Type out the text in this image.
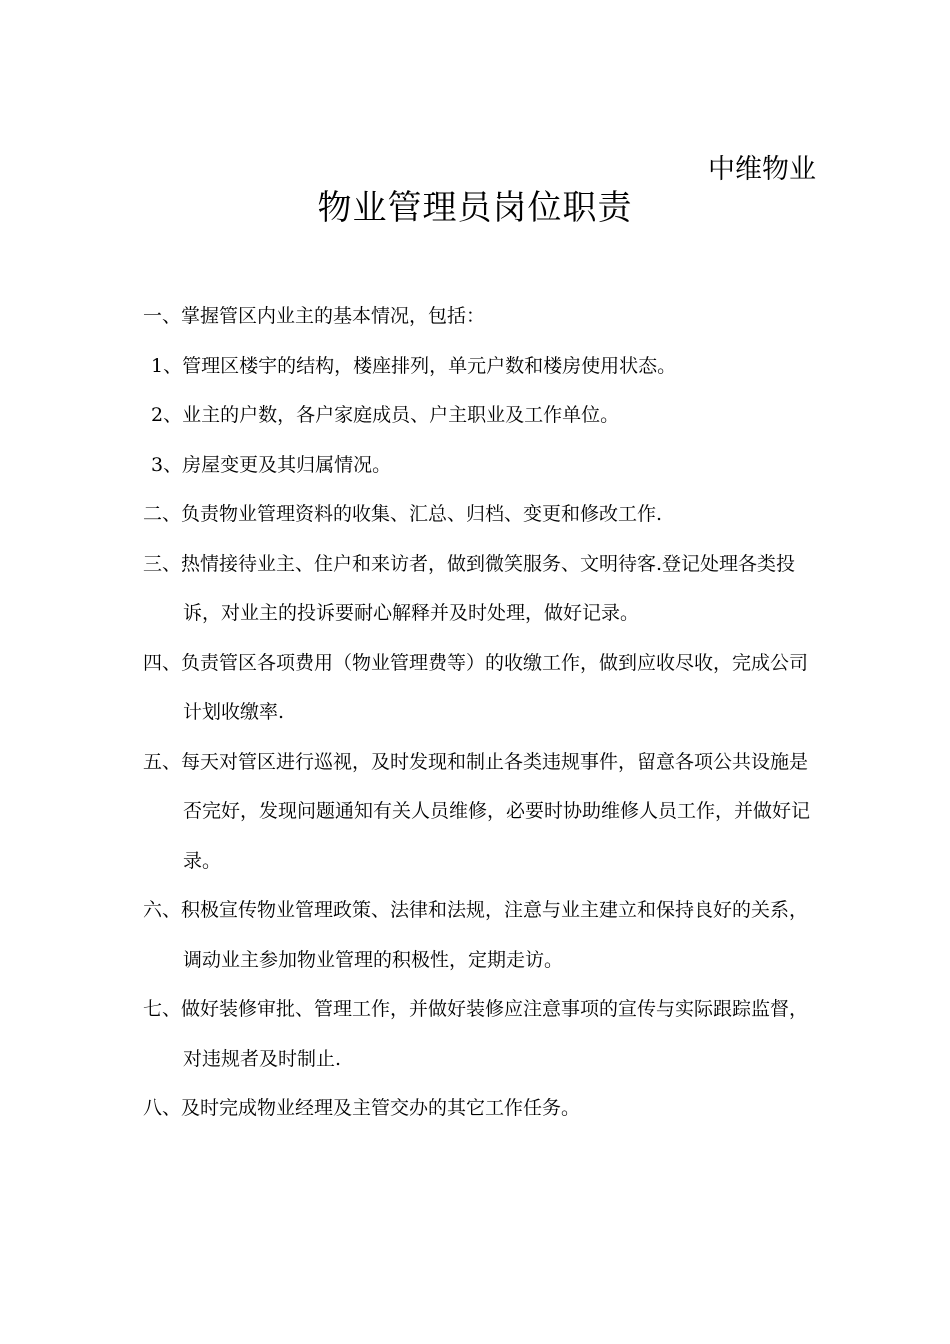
中维物业
物业管理员岗位职责

一、掌握管区内业主的基本情况，包括：

1、管理区楼宇的结构，楼座排列，单元户数和楼房使用状态。

2、业主的户数，各户家庭成员、户主职业及工作单位。

3、房屋变更及其归属情况。

二、负责物业管理资料的收集、汇总、归档、变更和修改工作.

三、热情接待业主、住户和来访者，做到微笑服务、文明待客.登记处理各类投诉，对业主的投诉要耐心解释并及时处理，做好记录。

四、负责管区各项费用（物业管理费等）的收缴工作，做到应收尽收，完成公司计划收缴率.

五、每天对管区进行巡视，及时发现和制止各类违规事件，留意各项公共设施是否完好，发现问题通知有关人员维修，必要时协助维修人员工作，并做好记录。

六、积极宣传物业管理政策、法律和法规，注意与业主建立和保持良好的关系，调动业主参加物业管理的积极性，定期走访。

七、做好装修审批、管理工作，并做好装修应注意事项的宣传与实际跟踪监督，对违规者及时制止.

八、及时完成物业经理及主管交办的其它工作任务。
